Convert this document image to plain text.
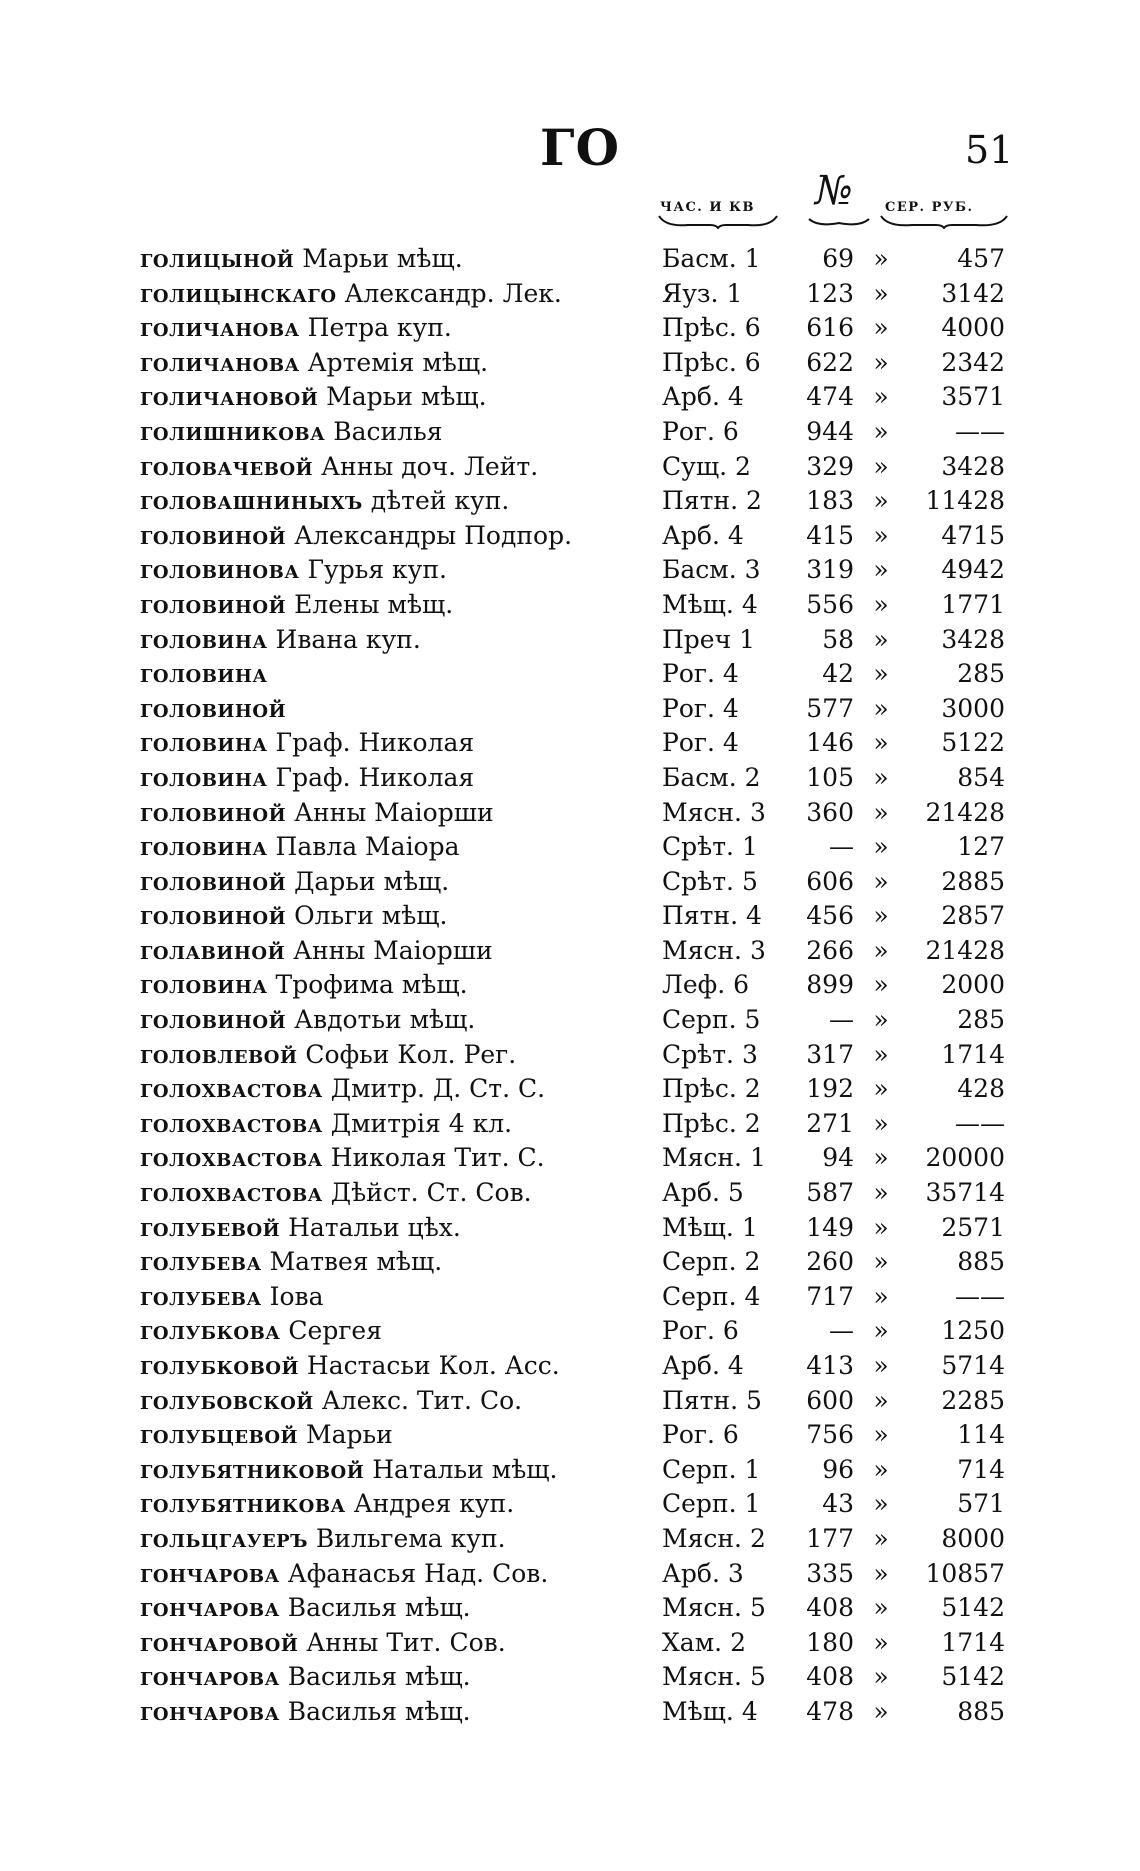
ГО	51
ЧАС. И КВ № СЕР. РУБ.
голицыной Марьи мѣщ.	Басм. 1	69 »	457
голицынскаго Александр. Лек.	Яуз. 1	123 »	3142
голичанова Петра куп.	Прѣс. 6	616 »	4000
голичанова Артемія мѣщ.	Прѣс. 6	622 »	2342
голичановой Марьи мѣщ.	Арб. 4	474 »	3571
голишникова Василья	Рог. 6	944 »	——
головачевой Анны доч. Лейт.	Сущ. 2	329 »	3428
головашниныхъ дѣтей куп.	Пятн. 2	183 »	11428
головиной Александры Подпор.	Арб. 4	415 »	4715
головинова Гурья куп.	Басм. 3	319 »	4942
головиной Елены мѣщ.	Мѣщ. 4	556 »	1771
головина Ивана куп.	Преч 1	58 »	3428
головина	Рог. 4	42 »	285
головиной	Рог. 4	577 »	3000
головина Граф. Николая	Рог. 4	146 »	5122
головина Граф. Николая	Басм. 2	105 »	854
головиной Анны Маіорши	Мясн. 3	360 »	21428
головина Павла Маіора	Срѣт. 1	— »	127
головиной Дарьи мѣщ.	Срѣт. 5	606 »	2885
головиной Ольги мѣщ.	Пятн. 4	456 »	2857
голавиной Анны Маіорши	Мясн. 3	266 »	21428
головина Трофима мѣщ.	Леф. 6	899 »	2000
головиной Авдотьи мѣщ.	Серп. 5	— »	285
головлевой Софьи Кол. Рег.	Срѣт. 3	317 »	1714
голохвастова Дмитр. Д. Ст. С.	Прѣс. 2	192 »	428
голохвастова Дмитрія 4 кл.	Прѣс. 2	271 »	——
голохвастова Николая Тит. С.	Мясн. 1	94 »	20000
голохвастова Дѣйст. Ст. Сов.	Арб. 5	587 »	35714
голубевой Натальи цѣх.	Мѣщ. 1	149 »	2571
голубева Матвея мѣщ.	Серп. 2	260 »	885
голубева Іова	Серп. 4	717 »	——
голубкова Сергея	Рог. 6	— »	1250
голубковой Настасьи Кол. Асс.	Арб. 4	413 »	5714
голубовской Алекс. Тит. Со.	Пятн. 5	600 »	2285
голубцевой Марьи	Рог. 6	756 »	114
голубятниковой Натальи мѣщ.	Серп. 1	96 »	714
голубятникова Андрея куп.	Серп. 1	43 »	571
гольцгауеръ Вильгема куп.	Мясн. 2	177 »	8000
гончарова Афанасья Над. Сов.	Арб. 3	335 »	10857
гончарова Василья мѣщ.	Мясн. 5	408 »	5142
гончаровой Анны Тит. Сов.	Хам. 2	180 »	1714
гончарова Василья мѣщ.	Мясн. 5	408 »	5142
гончарова Василья мѣщ.	Мѣщ. 4	478 »	885
